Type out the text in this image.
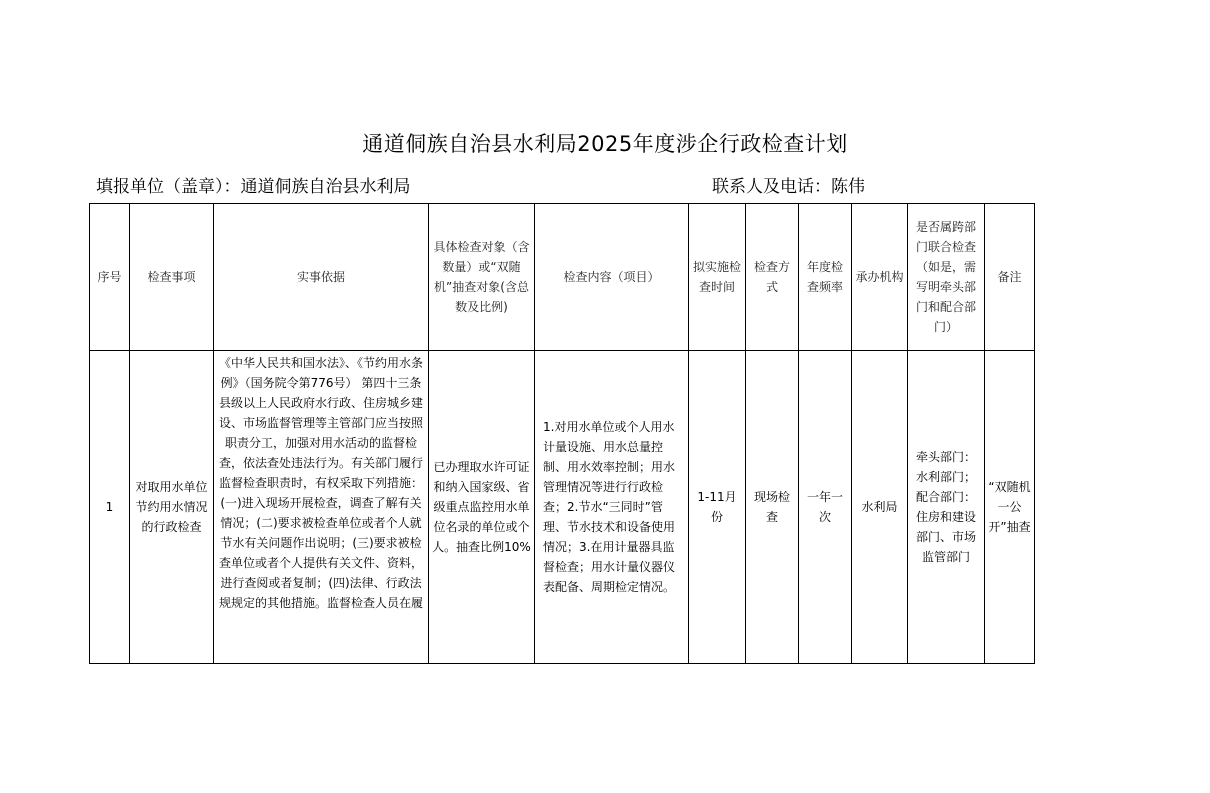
通道侗族自治县水利局2025年度涉企行政检查计划
填报单位（盖章）：通道侗族自治县水利局	联系人及电话：陈伟
序号	检查事项	实事依据	具体检查对象（含数量）或“双随机”抽查对象(含总数及比例)	检查内容（项目）	拟实施检查时间	检查方式	年度检查频率	承办机构	是否属跨部门联合检查（如是，需写明牵头部门和配合部门）	备注
1	对取用水单位节约用水情况的行政检查	《中华人民共和国水法》、《节约用水条例》（国务院令第776号） 第四十三条　县级以上人民政府水行政、住房城乡建设、市场监督管理等主管部门应当按照职责分工，加强对用水活动的监督检查，依法查处违法行为。有关部门履行监督检查职责时，有权采取下列措施：(一)进入现场开展检查，调查了解有关情况；(二)要求被检查单位或者个人就节水有关问题作出说明；(三)要求被检查单位或者个人提供有关文件、资料，进行查阅或者复制；(四)法律、行政法规规定的其他措施。监督检查人员在履	已办理取水许可证和纳入国家级、省级重点监控用水单位名录的单位或个人。抽查比例10%	1.对用水单位或个人用水计量设施、用水总量控制、用水效率控制；用水管理情况等进行行政检查；2.节水“三同时”管理、节水技术和设备使用情况；3.在用计量器具监督检查；用水计量仪器仪表配备、周期检定情况。	1-11月份	现场检查	一年一次	水利局	牵头部门：水利部门；配合部门：住房和建设部门、市场监管部门	“双随机一公开”抽查
